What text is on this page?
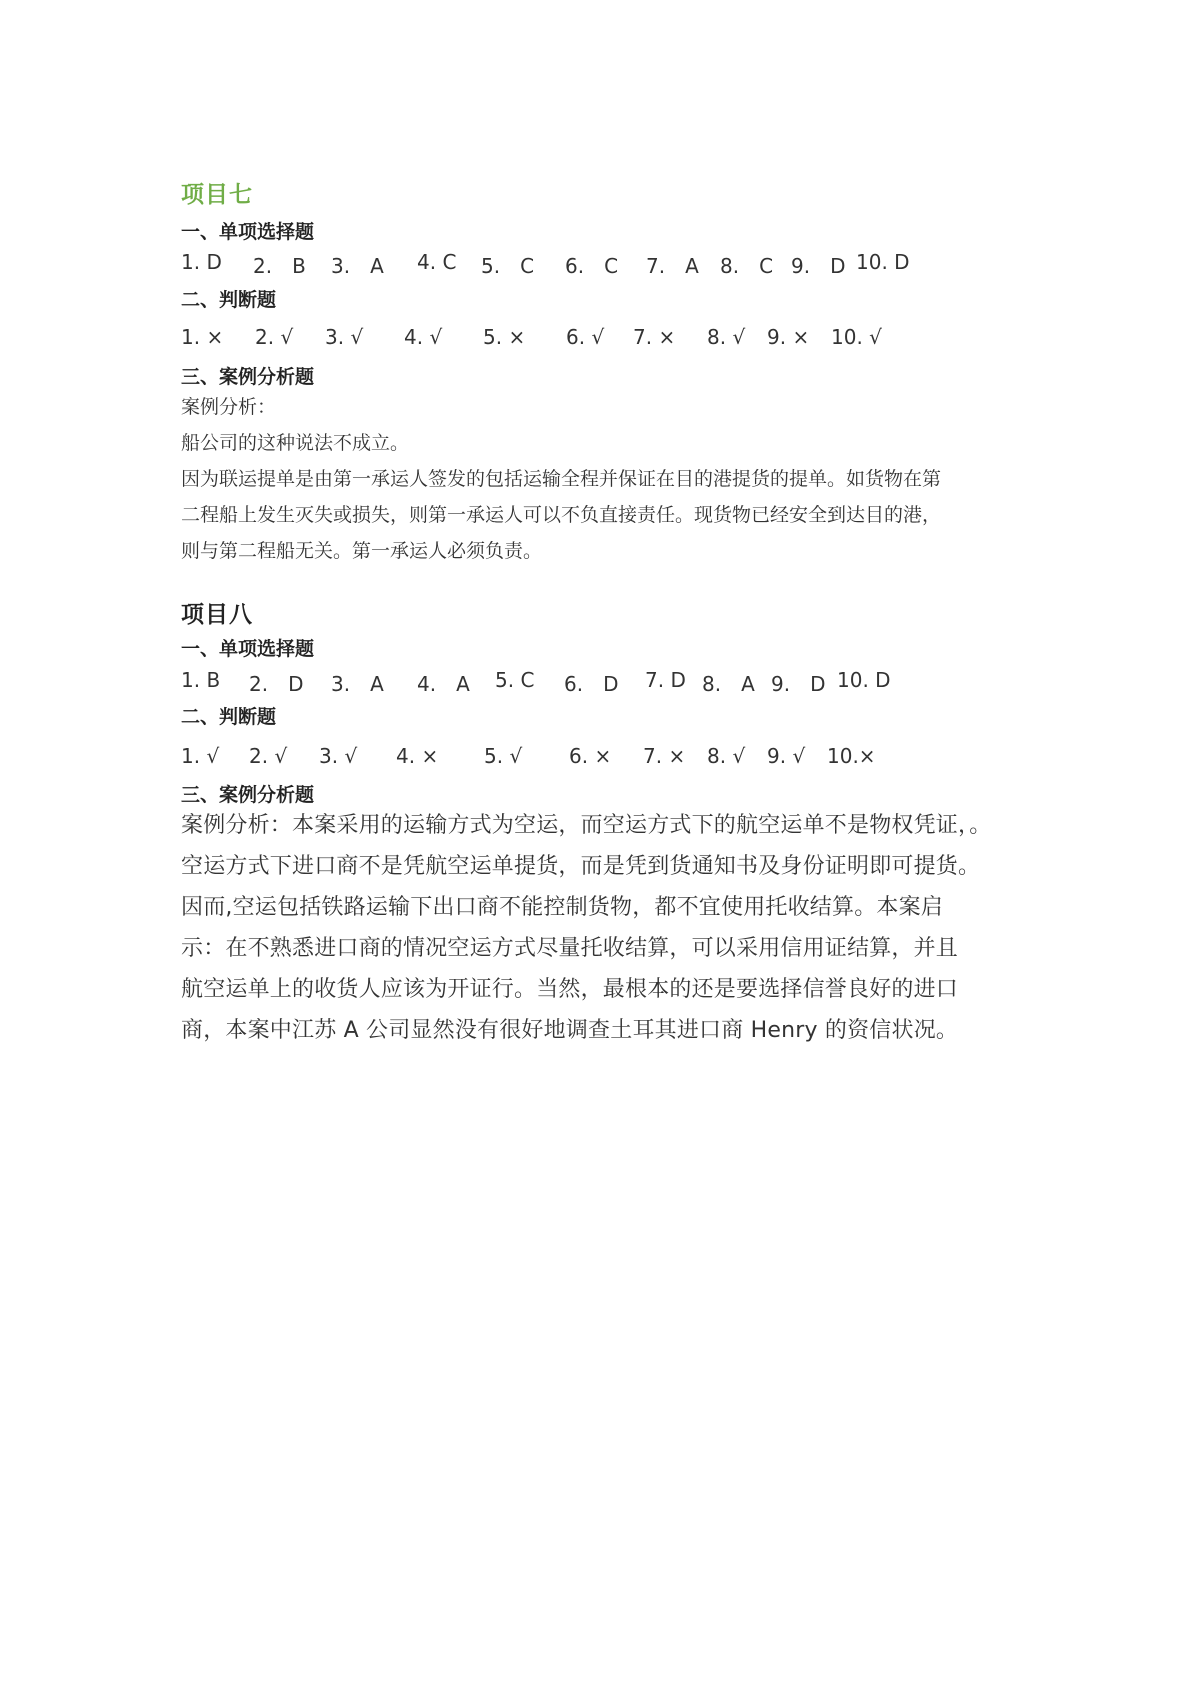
项目七
一、单项选择题
1. D 2.　B 3.　A 4. C 5.　C 6.　C 7.　A 8.　C 9.　D 10. D
二、判断题
1. × 2. √ 3. √ 4. √ 5. × 6. √ 7. × 8. √ 9. × 10. √
三、案例分析题
案例分析：
船公司的这种说法不成立。
因为联运提单是由第一承运人签发的包括运输全程并保证在目的港提货的提单。如货物在第
二程船上发生灭失或损失，则第一承运人可以不负直接责任。现货物已经安全到达目的港，
则与第二程船无关。第一承运人必须负责。
项目八
一、单项选择题
1. B 2.　D 3.　A 4.　A 5. C 6.　D 7. D 8.　A 9.　D 10. D
二、判断题
1. √ 2. √ 3. √ 4. × 5. √ 6. × 7. × 8. √ 9. √ 10.×
三、案例分析题
案例分析：本案采用的运输方式为空运，而空运方式下的航空运单不是物权凭证，。
空运方式下进口商不是凭航空运单提货，而是凭到货通知书及身份证明即可提货。
因而,空运包括铁路运输下出口商不能控制货物，都不宜使用托收结算。本案启
示：在不熟悉进口商的情况空运方式尽量托收结算，可以采用信用证结算，并且
航空运单上的收货人应该为开证行。当然，最根本的还是要选择信誉良好的进口
商，本案中江苏 A 公司显然没有很好地调查土耳其进口商 Henry 的资信状况。
